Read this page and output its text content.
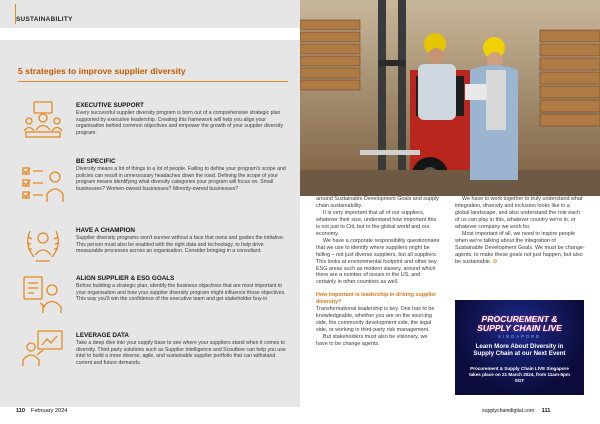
SUSTAINABILITY
5 strategies to improve supplier diversity
EXECUTIVE SUPPORT
Every successful supplier diversity program is born out of a comprehensive strategic plan supported by executive leadership. Creating this framework will help you align your organisation behind common objectives and empower the growth of your supplier diversity program.
BE SPECIFIC
Diversity means a lot of things to a lot of people. Failing to define your program's scope and policies can result in unnecessary headaches down the road. Defining the scope of your program means identifying what diversity categories your program will focus on. Small businesses? Women-owned businesses? Minority-owned businesses?
HAVE A CHAMPION
Supplier diversity programs won't survive without a face that owns and guides the initiative. This person must also be enabled with the right data and technology, to help drive measurable processes across an organisation. Consider bringing in a consultant.
ALIGN SUPPLIER & ESG GOALS
Before building a strategic plan, identify the business objectives that are most important to your organisation and how your supplier diversity program might influence those objectives. This way you'll win the confidence of the executive team and get stakeholder buy-in
LEVERAGE DATA
Take a deep dive into your supply base to see where your suppliers stand when it comes to diversity. Third party solutions such as Supplier Intelligence and Scoutbee can help you use intel to build a more diverse, agile, and sustainable supplier portfolio that can withstand current and future demands.
110 February 2024

around Sustainable Development Goals and supply chain sustainability.

It is very important that all of our suppliers, whatever their size, understand how important this is not just to Citi, but to the global world and our economy.

We have a corporate responsibility questionnaire that we use to identify where suppliers might be falling – not just diverse suppliers, but all suppliers. This looks at environmental footprint and other key ESG areas such as modern slavery, around which there are a number of issues in the US, and certainly in other countries as well.

How important is leadership in driving supplier diversity?

Transformational leadership is key. One has to be knowledgeable, whether you are on the sourcing side, the community development side, the legal side, or working in third-party risk management.

But stakeholders must also be visionary, we have to be change agents.

We have to work together to truly understand what integration, diversity and inclusion looks like in a global landscape, and also understand the role each of us can play in this, whatever country we're in, or whatever company we work for.

Most important of all, we need to inspire people when we're talking about the integration of Sustainable Development Goals. We must be change-agents, to make these goals not just happen, but also be sustainable. ✿

PROCUREMENT &
SUPPLY CHAIN LIVE
SINGAPORE
Learn More About Diversity in Supply Chain at our Next Event
Procurement & Supply Chain LIVE Singapore takes place on 21 March 2024, from 11am-5pm SGT
supplychaindigital.com 111
